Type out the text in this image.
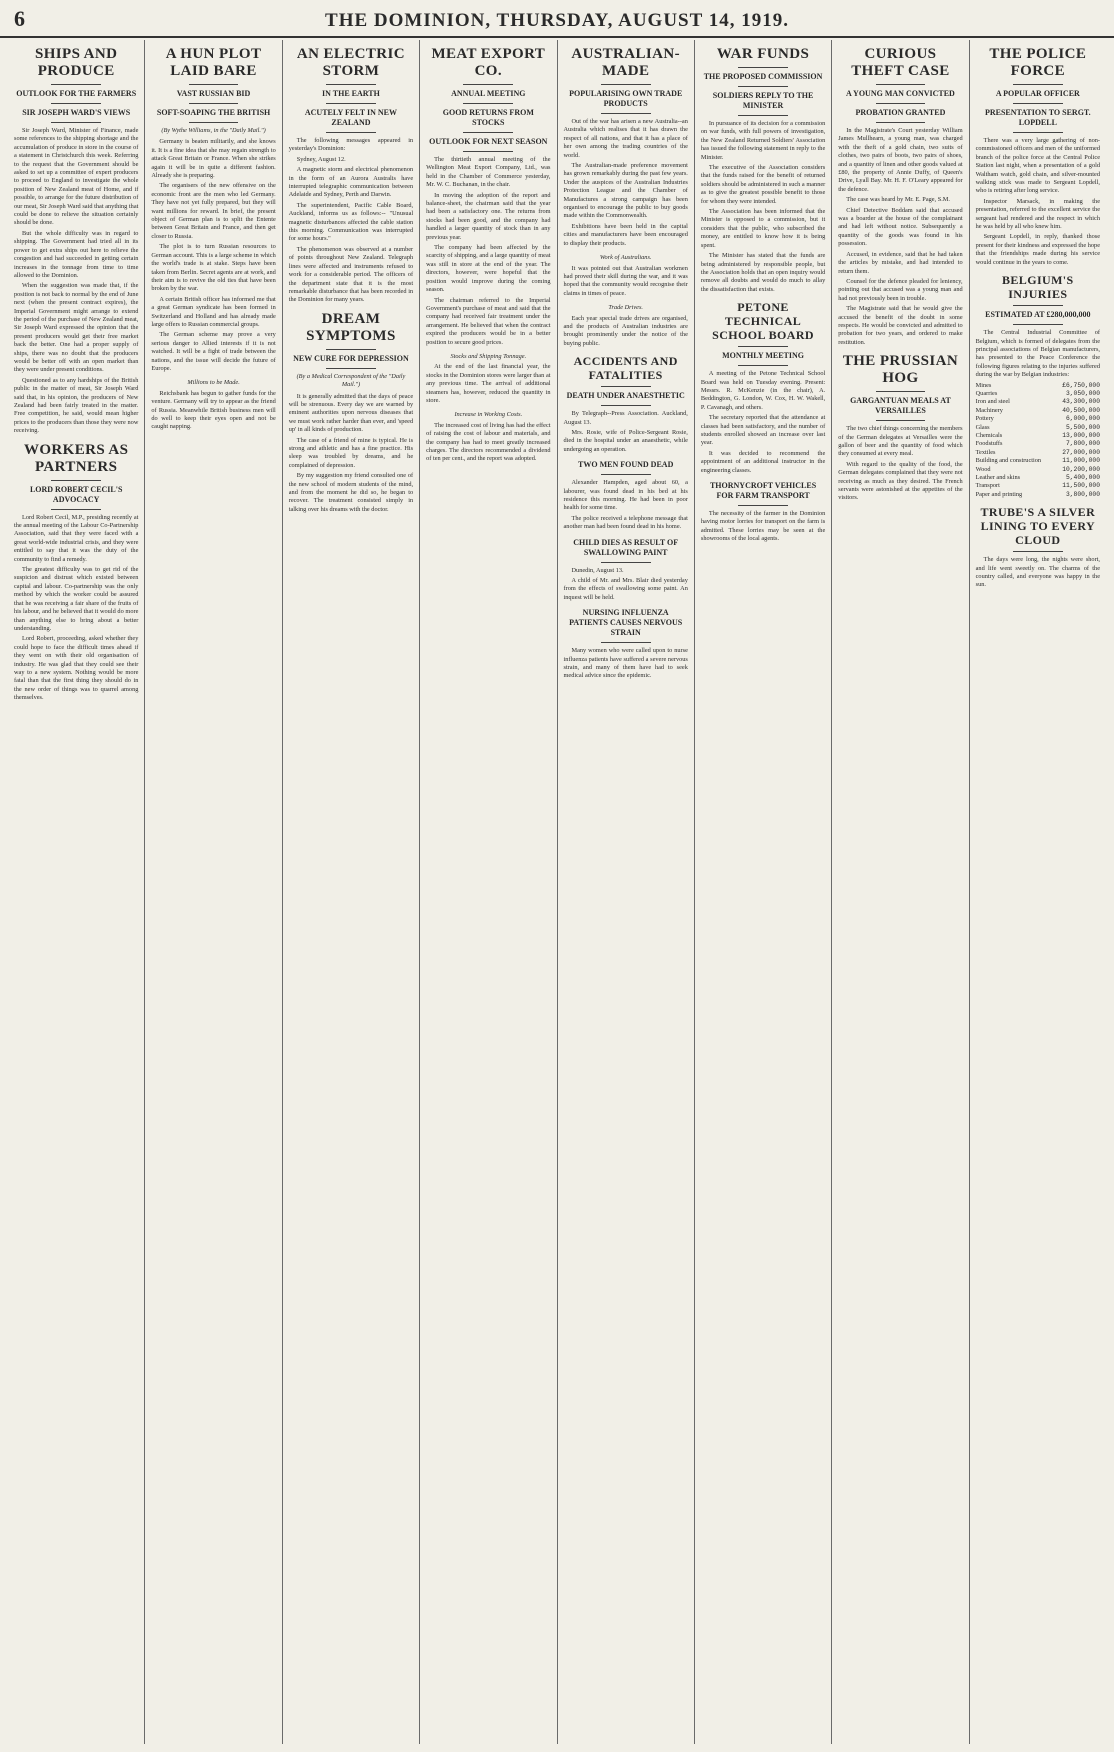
6	THE DOMINION, THURSDAY, AUGUST 14, 1919.
SHIPS AND PRODUCE
OUTLOOK FOR THE FARMERS
SIR JOSEPH WARD'S VIEWS

Sir Joseph Ward, Minister of Finance, made some references to the shipping shortage and the accumulation of produce in store in the course of a statement in Christchurch this week. Referring to the request that the Government should be asked to set up a committee of expert producers to proceed to England to investigate the whole position of New Zealand meat of Home, and if possible, to arrange for the future distribution of our meat, Sir Joseph Ward said that anything that could be done to relieve the situation certainly should be done.

But the whole difficulty was in regard to shipping. The Government had tried all in its power to get extra ships out here to relieve the congestion and had succeeded in getting certain increases in the tonnage from time to time allowed to the Dominion.

When the suggestion was made that, if the position is not back to normal by the end of June next (when the present contract expires), the Imperial Government might arrange to extend the period of the purchase of New Zealand meat, Sir Joseph Ward expressed the opinion that the present producers would get their free market back the better. One had a proper supply of ships, there was no doubt that the producers would be better off with an open market than they were under present conditions.

Questioned as to any hardships of the British public in the matter of meat, Sir Joseph Ward said that, in his opinion, the producers of New Zealand had been fairly treated in the matter. Free competition, he said, would mean higher prices to the producers than those they were now receiving.

WORKERS AS PARTNERS
LORD ROBERT CECIL'S ADVOCACY

Lord Robert Cecil, M.P., presiding recently at the annual meeting of the Labour Co-Partnership Association, said that they were faced with a great world-wide industrial crisis, and they were entitled to say that it was the duty of the community to find a remedy.

The greatest difficulty was to get rid of the suspicion and distrust which existed between capital and labour. Co-partnership was the only method by which the worker could be assured that he was receiving a fair share of the fruits of his labour, and he believed that it would do more than anything else to bring about a better understanding.

Lord Robert, proceeding, asked whether they could hope to face the difficult times ahead if they went on with their old organisation of industry. He was glad that they could see their way to a new system. Nothing would be more fatal than that the first thing they should do in the new order of things was to quarrel among themselves.

A HUN PLOT LAID BARE
VAST RUSSIAN BID
SOFT-SOAPING THE BRITISH
(By Wythe Williams, in the "Daily Mail.")

Germany is beaten militarily, and she knows it. It is a fine idea that she may regain strength to attack Great Britain or France. When she strikes again it will be in quite a different fashion. Already she is preparing.

The organisers of the new offensive on the economic front are the men who led Germany. They have not yet fully prepared, but they will want millions for reward. In brief, the present object of German plan is to split the Entente between Great Britain and France, and then get closer to Russia.

The plot is to turn Russian resources to German account. This is a large scheme in which the world's trade is at stake. Steps have been taken from Berlin. Secret agents are at work, and their aim is to revive the old ties that have been broken by the war.

A certain British officer has informed me that a great German syndicate has been formed in Switzerland and Holland and has already made large offers to Russian commercial groups.

The German scheme may prove a very serious danger to Allied interests if it is not watched. It will be a fight of trade between the nations, and the issue will decide the future of Europe.

Millions to be Made.

Reichsbank has begun to gather funds for the venture. Germany will try to appear as the friend of Russia. Meanwhile British business men will do well to keep their eyes open and not be caught napping.

AN ELECTRIC STORM
IN THE EARTH
ACUTELY FELT IN NEW ZEALAND

The following messages appeared in yesterday's Dominion:

Sydney, August 12.

A magnetic storm and electrical phenomenon in the form of an Aurora Australis have interrupted telegraphic communication between Adelaide and Sydney, Perth and Darwin.

The superintendent, Pacific Cable Board, Auckland, informs us as follows:-- "Unusual magnetic disturbances affected the cable station this morning. Communication was interrupted for some hours."

The phenomenon was observed at a number of points throughout New Zealand. Telegraph lines were affected and instruments refused to work for a considerable period. The officers of the department state that it is the most remarkable disturbance that has been recorded in the Dominion for many years.

DREAM SYMPTOMS
NEW CURE FOR DEPRESSION
(By a Medical Correspondent of the "Daily Mail.")

It is generally admitted that the days of peace will be strenuous. Every day we are warned by eminent authorities upon nervous diseases that we must work rather harder than ever, and 'speed up' in all kinds of production.

The case of a friend of mine is typical. He is strong and athletic and has a fine practice. His sleep was troubled by dreams, and he complained of depression.

By my suggestion my friend consulted one of the new school of modern students of the mind, and from the moment he did so, he began to recover. The treatment consisted simply in talking over his dreams with the doctor.

MEAT EXPORT CO.
ANNUAL MEETING
GOOD RETURNS FROM STOCKS
OUTLOOK FOR NEXT SEASON

The thirtieth annual meeting of the Wellington Meat Export Company, Ltd., was held in the Chamber of Commerce yesterday, Mr. W. C. Buchanan, in the chair.

In moving the adoption of the report and balance-sheet, the chairman said that the year had been a satisfactory one. The returns from stocks had been good, and the company had handled a larger quantity of stock than in any previous year.

The company had been affected by the scarcity of shipping, and a large quantity of meat was still in store at the end of the year. The directors, however, were hopeful that the position would improve during the coming season.

The chairman referred to the Imperial Government's purchase of meat and said that the company had received fair treatment under the arrangement. He believed that when the contract expired the producers would be in a better position to secure good prices.

Stocks and Shipping Tonnage.

At the end of the last financial year, the stocks in the Dominion stores were larger than at any previous time. The arrival of additional steamers has, however, reduced the quantity in store.

Increase in Working Costs.

The increased cost of living has had the effect of raising the cost of labour and materials, and the company has had to meet greatly increased charges. The directors recommended a dividend of ten per cent., and the report was adopted.

AUSTRALIAN-MADE
POPULARISING OWN TRADE PRODUCTS

Out of the war has arisen a new Australia--an Australia which realises that it has drawn the respect of all nations, and that it has a place of her own among the trading countries of the world.

The Australian-made preference movement has grown remarkably during the past few years. Under the auspices of the Australian Industries Protection League and the Chamber of Manufactures a strong campaign has been organised to encourage the public to buy goods made within the Commonwealth.

Exhibitions have been held in the capital cities and manufacturers have been encouraged to display their products.

Work of Australians.

It was pointed out that Australian workmen had proved their skill during the war, and it was hoped that the community would recognise their claims in times of peace.

Trade Drives.

Each year special trade drives are organised, and the products of Australian industries are brought prominently under the notice of the buying public.

ACCIDENTS AND FATALITIES
DEATH UNDER ANAESTHETIC

By Telegraph--Press Association. Auckland, August 13.

Mrs. Rosie, wife of Police-Sergeant Rosie, died in the hospital under an anaesthetic, while undergoing an operation.

TWO MEN FOUND DEAD

Alexander Hampden, aged about 60, a labourer, was found dead in his bed at his residence this morning. He had been in poor health for some time.

The police received a telephone message that another man had been found dead in his home.

CHILD DIES AS RESULT OF SWALLOWING PAINT

Dunedin, August 13.

A child of Mr. and Mrs. Blair died yesterday from the effects of swallowing some paint. An inquest will be held.

NURSING INFLUENZA PATIENTS CAUSES NERVOUS STRAIN

Many women who were called upon to nurse influenza patients have suffered a severe nervous strain, and many of them have had to seek medical advice since the epidemic.

WAR FUNDS
THE PROPOSED COMMISSION
SOLDIERS REPLY TO THE MINISTER

In pursuance of its decision for a commission on war funds, with full powers of investigation, the New Zealand Returned Soldiers' Association has issued the following statement in reply to the Minister.

The executive of the Association considers that the funds raised for the benefit of returned soldiers should be administered in such a manner as to give the greatest possible benefit to those for whom they were intended.

The Association has been informed that the Minister is opposed to a commission, but it considers that the public, who subscribed the money, are entitled to know how it is being spent.

The Minister has stated that the funds are being administered by responsible people, but the Association holds that an open inquiry would remove all doubts and would do much to allay the dissatisfaction that exists.

PETONE TECHNICAL SCHOOL BOARD
MONTHLY MEETING

A meeting of the Petone Technical School Board was held on Tuesday evening. Present: Messrs. R. McKenzie (in the chair), A. Beddington, G. London, W. Cox, H. W. Wakell, P. Cavanagh, and others.

The secretary reported that the attendance at classes had been satisfactory, and the number of students enrolled showed an increase over last year.

It was decided to recommend the appointment of an additional instructor in the engineering classes.

THORNYCROFT VEHICLES FOR FARM TRANSPORT

The necessity of the farmer in the Dominion having motor lorries for transport on the farm is admitted. These lorries may be seen at the showrooms of the local agents.

CURIOUS THEFT CASE
A YOUNG MAN CONVICTED
PROBATION GRANTED

In the Magistrate's Court yesterday William James Mullhearn, a young man, was charged with the theft of a gold chain, two suits of clothes, two pairs of boots, two pairs of shoes, and a quantity of linen and other goods valued at £80, the property of Annie Duffy, of Queen's Drive, Lyall Bay. Mr. H. F. O'Leary appeared for the defence.

The case was heard by Mr. E. Page, S.M.

Chief Detective Boddam said that accused was a boarder at the house of the complainant and had left without notice. Subsequently a quantity of the goods was found in his possession.

Accused, in evidence, said that he had taken the articles by mistake, and had intended to return them.

Counsel for the defence pleaded for leniency, pointing out that accused was a young man and had not previously been in trouble.

The Magistrate said that he would give the accused the benefit of the doubt in some respects. He would be convicted and admitted to probation for two years, and ordered to make restitution.

THE PRUSSIAN HOG
GARGANTUAN MEALS AT VERSAILLES

The two chief things concerning the members of the German delegates at Versailles were the gallon of beer and the quantity of food which they consumed at every meal.

With regard to the quality of the food, the German delegates complained that they were not receiving as much as they desired. The French servants were astonished at the appetites of the visitors.

THE POLICE FORCE
A POPULAR OFFICER
PRESENTATION TO SERGT. LOPDELL

There was a very large gathering of non-commissioned officers and men of the uniformed branch of the police force at the Central Police Station last night, when a presentation of a gold Waltham watch, gold chain, and silver-mounted walking stick was made to Sergeant Lopdell, who is retiring after long service.

Inspector Marsack, in making the presentation, referred to the excellent service the sergeant had rendered and the respect in which he was held by all who knew him.

Sergeant Lopdell, in reply, thanked those present for their kindness and expressed the hope that the friendships made during his service would continue in the years to come.

BELGIUM'S INJURIES
ESTIMATED AT £280,000,000

The Central Industrial Committee of Belgium, which is formed of delegates from the principal associations of Belgian manufacturers, has presented to the Peace Conference the following figures relating to the injuries suffered during the war by Belgian industries:

Mines	£6,750,000
Quarries	3,050,000
Iron and steel	43,300,000
Machinery	40,500,000
Pottery	6,000,000
Glass	5,500,000
Chemicals	13,000,000
Foodstuffs	7,800,000
Textiles	27,000,000
Building and construction	11,000,000
Wood	10,200,000
Leather and skins	5,400,000
Transport	11,500,000
Paper and printing	3,800,000
TRUBE'S A SILVER LINING TO EVERY CLOUD

The days were long, the nights were short, and life went sweetly on. The charms of the country called, and everyone was happy in the sun.
